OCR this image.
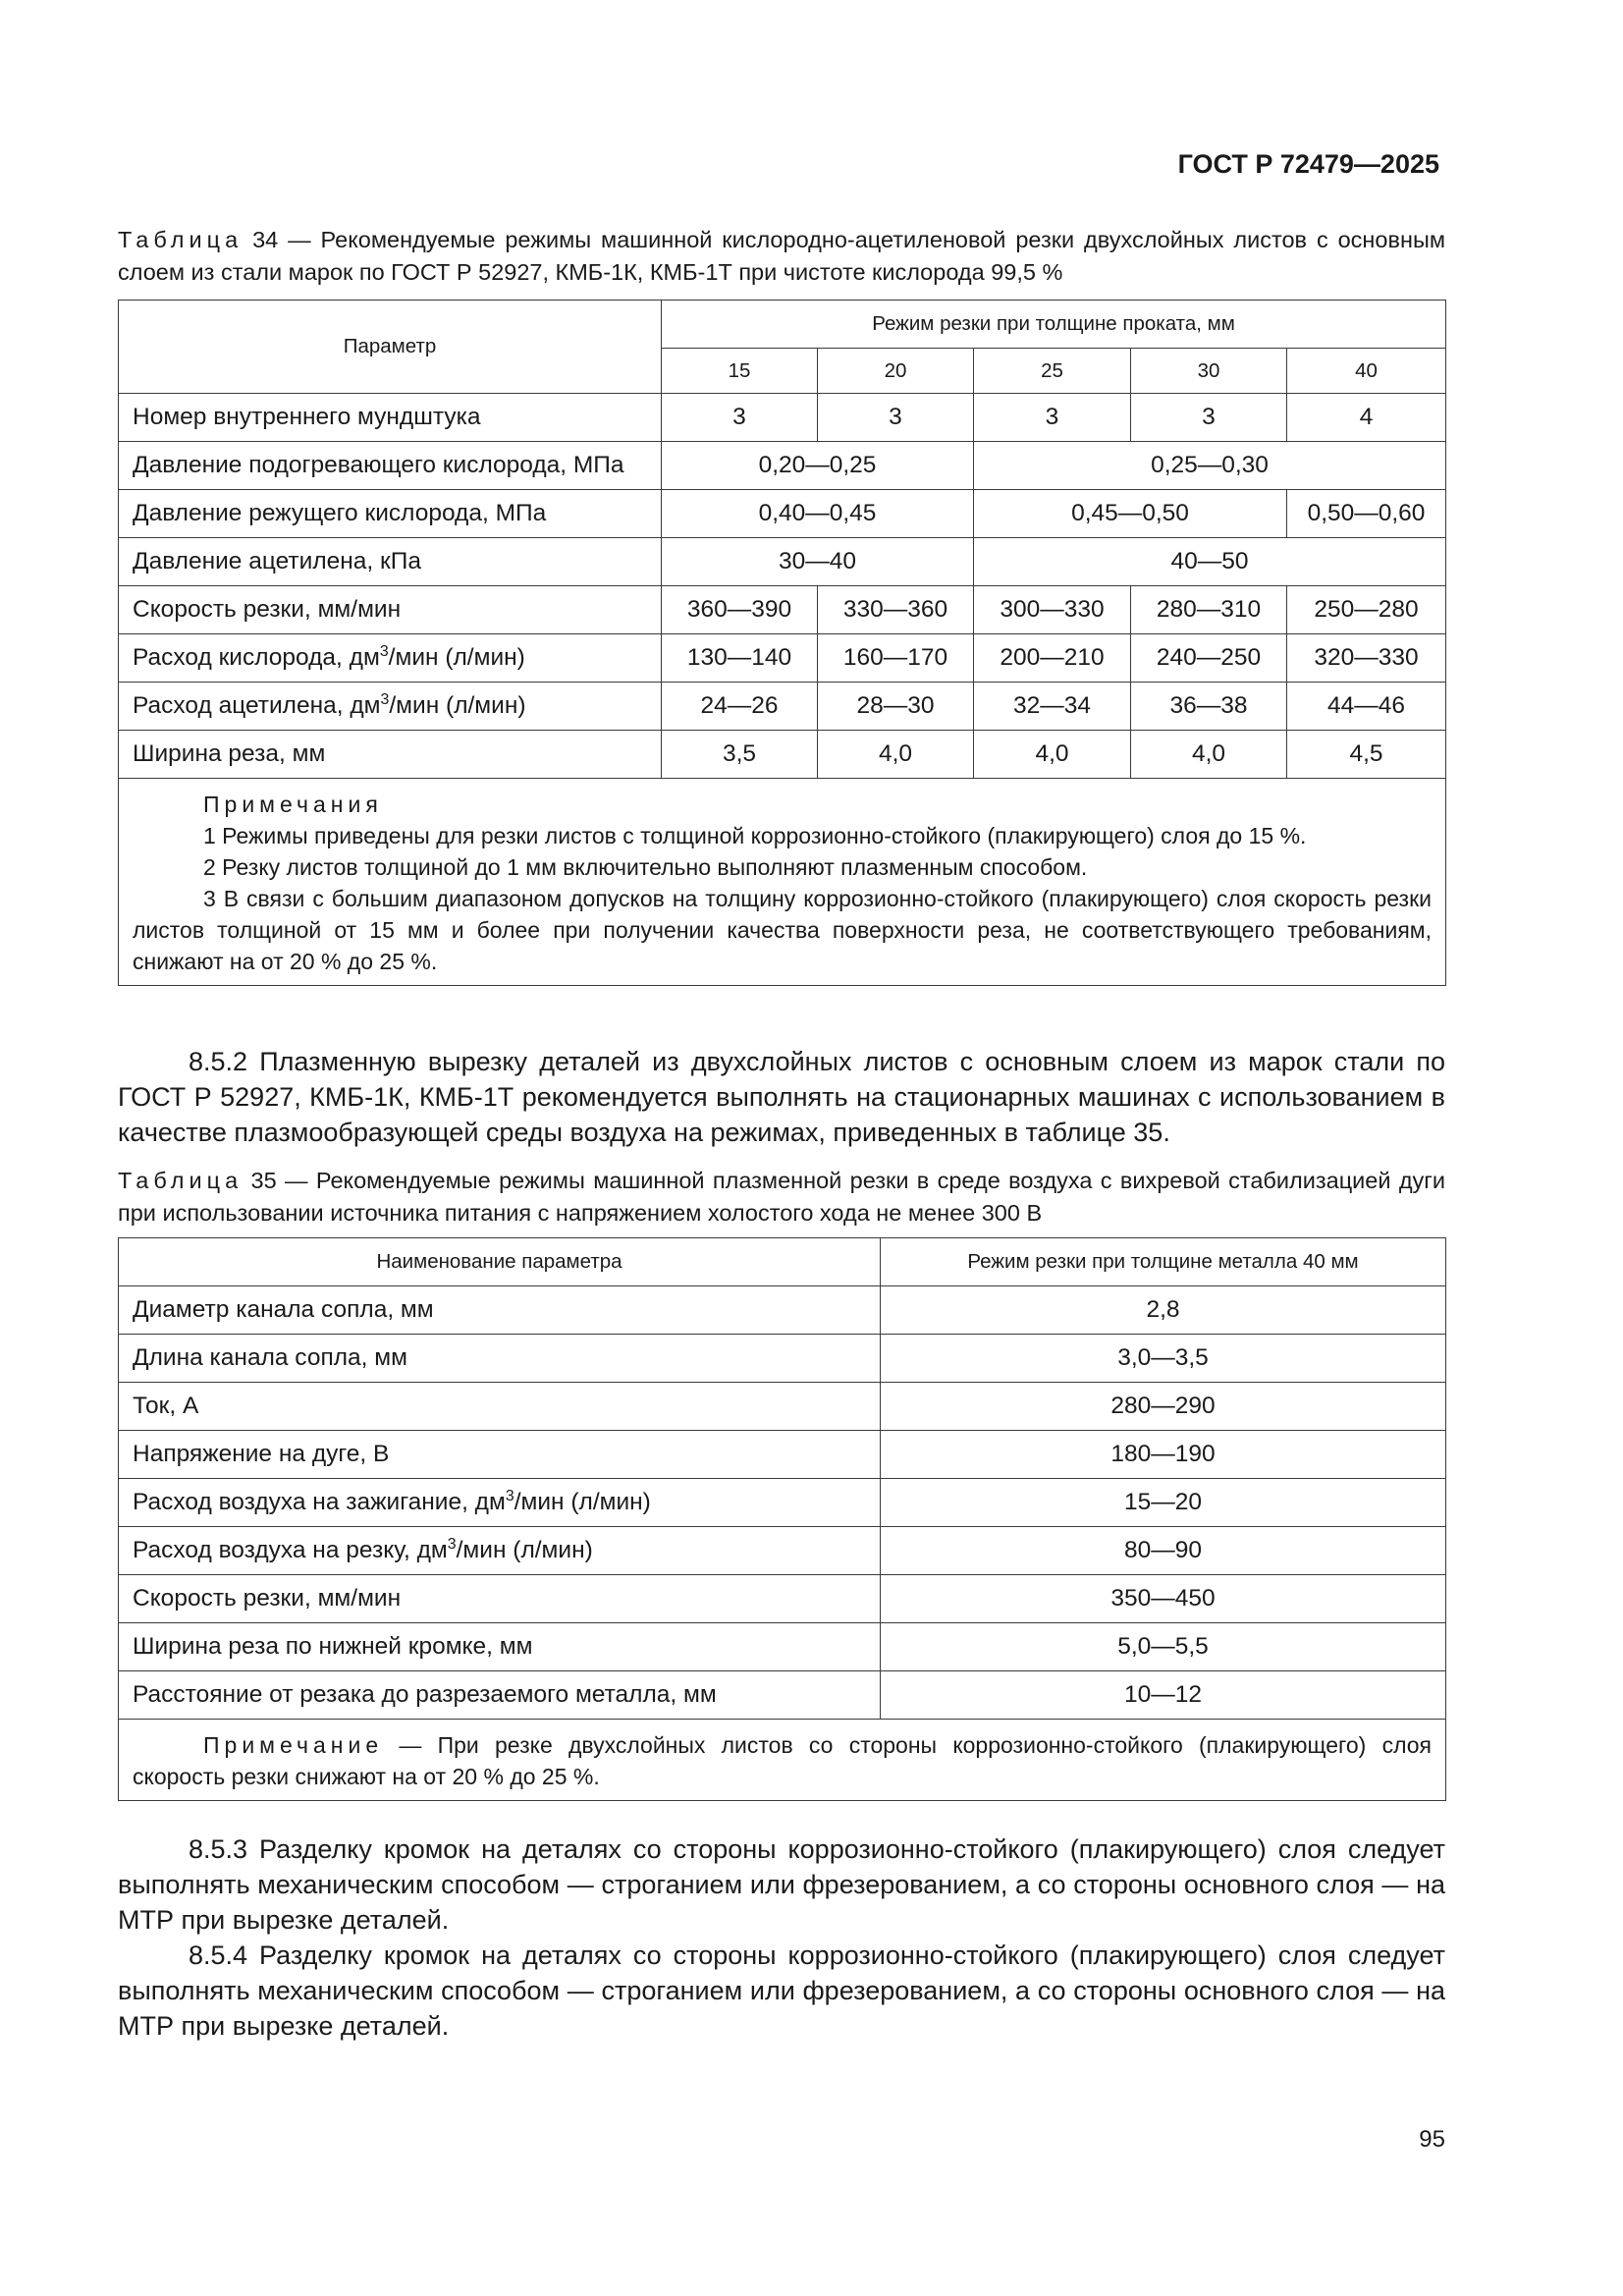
ГОСТ Р 72479—2025
Таблица 34 — Рекомендуемые режимы машинной кислородно-ацетиленовой резки двухслойных листов с основным слоем из стали марок по ГОСТ Р 52927, КМБ-1К, КМБ-1Т при чистоте кислорода 99,5 %
Параметр	Режим резки при толщине проката, мм				
	15	20	25	30	40
Номер внутреннего мундштука	3	3	3	3	4
Давление подогревающего кислорода, МПа	0,20—0,25		0,25—0,30		
Давление режущего кислорода, МПа	0,40—0,45		0,45—0,50		0,50—0,60
Давление ацетилена, кПа	30—40		40—50		
Скорость резки, мм/мин	360—390	330—360	300—330	280—310	250—280
Расход кислорода, $дм^3$/мин (л/мин)	130—140	160—170	200—210	240—250	320—330
Расход ацетилена, $дм^3$/мин (л/мин)	24—26	28—30	32—34	36—38	44—46
Ширина реза, мм	3,5	4,0	4,0	4,0	4,5

Примечания

1 Режимы приведены для резки листов с толщиной коррозионно-стойкого (плакирующего) слоя до 15 %.

2 Резку листов толщиной до 1 мм включительно выполняют плазменным способом.

3 В связи с большим диапазоном допусков на толщину коррозионно-стойкого (плакирующего) слоя скорость резки листов толщиной от 15 мм и более при получении качества поверхности реза, не соответствующего требованиям, снижают на от 20 % до 25 %.					

8.5.2 Плазменную вырезку деталей из двухслойных листов с основным слоем из марок стали по ГОСТ Р 52927, КМБ-1К, КМБ-1Т рекомендуется выполнять на стационарных машинах с использованием в качестве плазмообразующей среды воздуха на режимах, приведенных в таблице 35.

Таблица 35 — Рекомендуемые режимы машинной плазменной резки в среде воздуха с вихревой стабилизацией дуги при использовании источника питания с напряжением холостого хода не менее 300 В
Наименование параметра	Режим резки при толщине металла 40 мм
Диаметр канала сопла, мм	2,8
Длина канала сопла, мм	3,0—3,5
Ток, А	280—290
Напряжение на дуге, В	180—190
Расход воздуха на зажигание, $дм^3$/мин (л/мин)	15—20
Расход воздуха на резку, $дм^3$/мин (л/мин)	80—90
Скорость резки, мм/мин	350—450
Ширина реза по нижней кромке, мм	5,0—5,5
Расстояние от резака до разрезаемого металла, мм	10—12

Примечание — При резке двухслойных листов со стороны коррозионно-стойкого (плакирующего) слоя скорость резки снижают на от 20 % до 25 %.	

8.5.3 Разделку кромок на деталях со стороны коррозионно-стойкого (плакирующего) слоя следует выполнять механическим способом — строганием или фрезерованием, а со стороны основного слоя — на МТР при вырезке деталей.

8.5.4 Разделку кромок на деталях со стороны коррозионно-стойкого (плакирующего) слоя следует выполнять механическим способом — строганием или фрезерованием, а со стороны основного слоя — на МТР при вырезке деталей.

95
